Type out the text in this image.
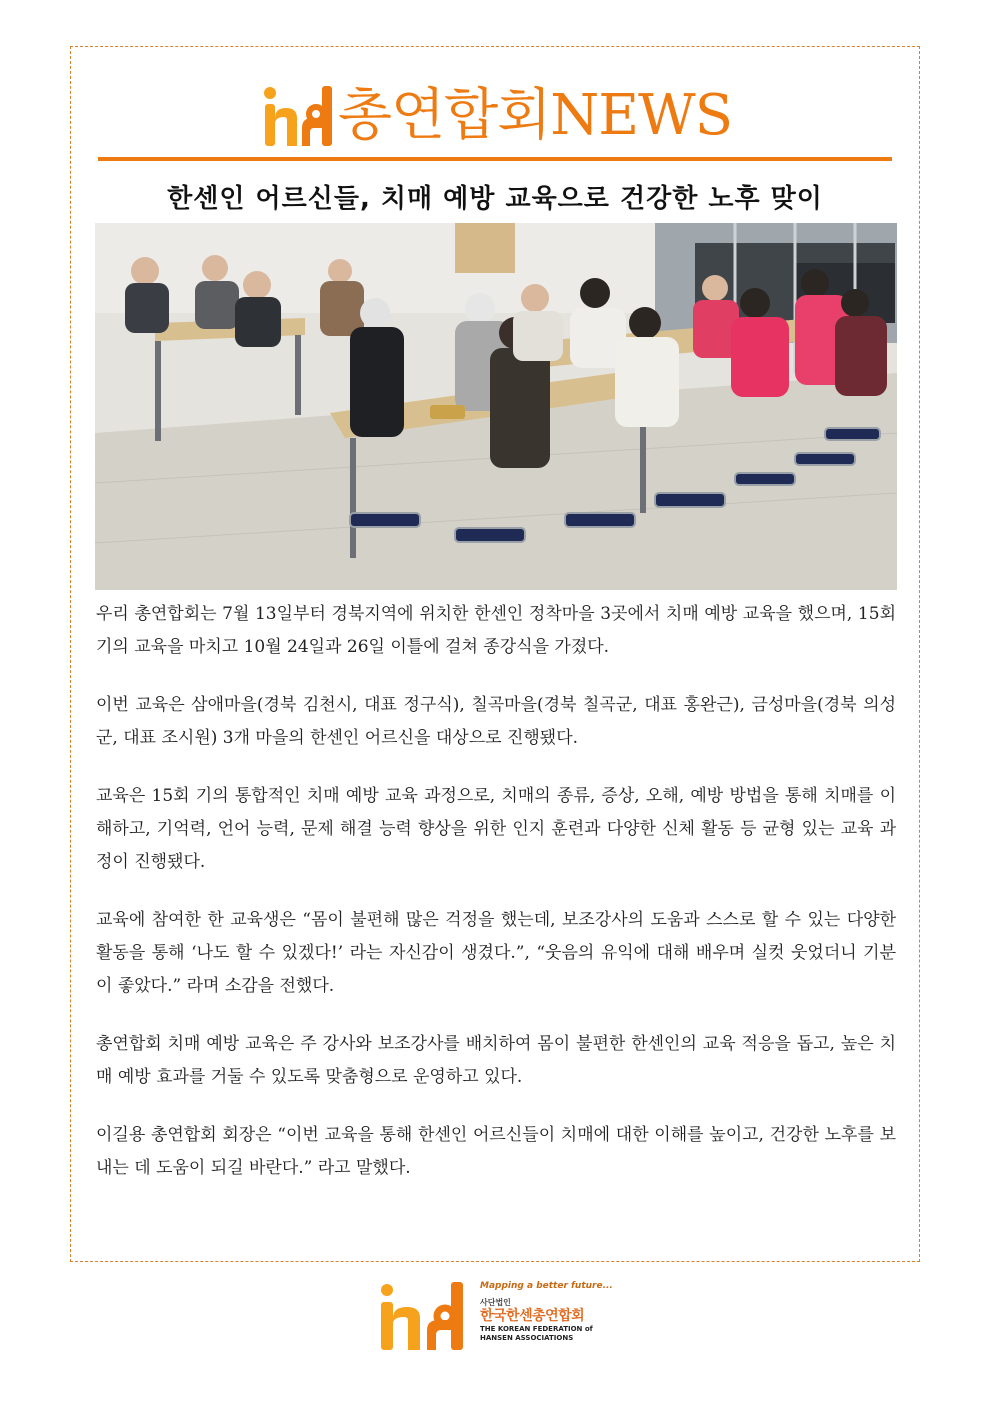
총연합회NEWS
한센인 어르신들, 치매 예방 교육으로 건강한 노후 맞이

우리 총연합회는 7월 13일부터 경북지역에 위치한 한센인 정착마을 3곳에서 치매 예방 교육을 했으며, 15회 기의 교육을 마치고 10월 24일과 26일 이틀에 걸쳐 종강식을 가졌다.

이번 교육은 삼애마을(경북 김천시, 대표 정구식), 칠곡마을(경북 칠곡군, 대표 홍완근), 금성마을(경북 의성군, 대표 조시원) 3개 마을의 한센인 어르신을 대상으로 진행됐다.

교육은 15회 기의 통합적인 치매 예방 교육 과정으로, 치매의 종류, 증상, 오해, 예방 방법을 통해 치매를 이해하고, 기억력, 언어 능력, 문제 해결 능력 향상을 위한 인지 훈련과 다양한 신체 활동 등 균형 있는 교육 과정이 진행됐다.

교육에 참여한 한 교육생은 “몸이 불편해 많은 걱정을 했는데, 보조강사의 도움과 스스로 할 수 있는 다양한 활동을 통해 ‘나도 할 수 있겠다!’ 라는 자신감이 생겼다.”, “웃음의 유익에 대해 배우며 실컷 웃었더니 기분이 좋았다.” 라며 소감을 전했다.

총연합회 치매 예방 교육은 주 강사와 보조강사를 배치하여 몸이 불편한 한센인의 교육 적응을 돕고, 높은 치매 예방 효과를 거둘 수 있도록 맞춤형으로 운영하고 있다.

이길용 총연합회 회장은 “이번 교육을 통해 한센인 어르신들이 치매에 대한 이해를 높이고, 건강한 노후를 보내는 데 도움이 되길 바란다.” 라고 말했다.

Mapping a better future...
사단법인
한국한센총연합회
THE KOREAN FEDERATION of
HANSEN ASSOCIATIONS
